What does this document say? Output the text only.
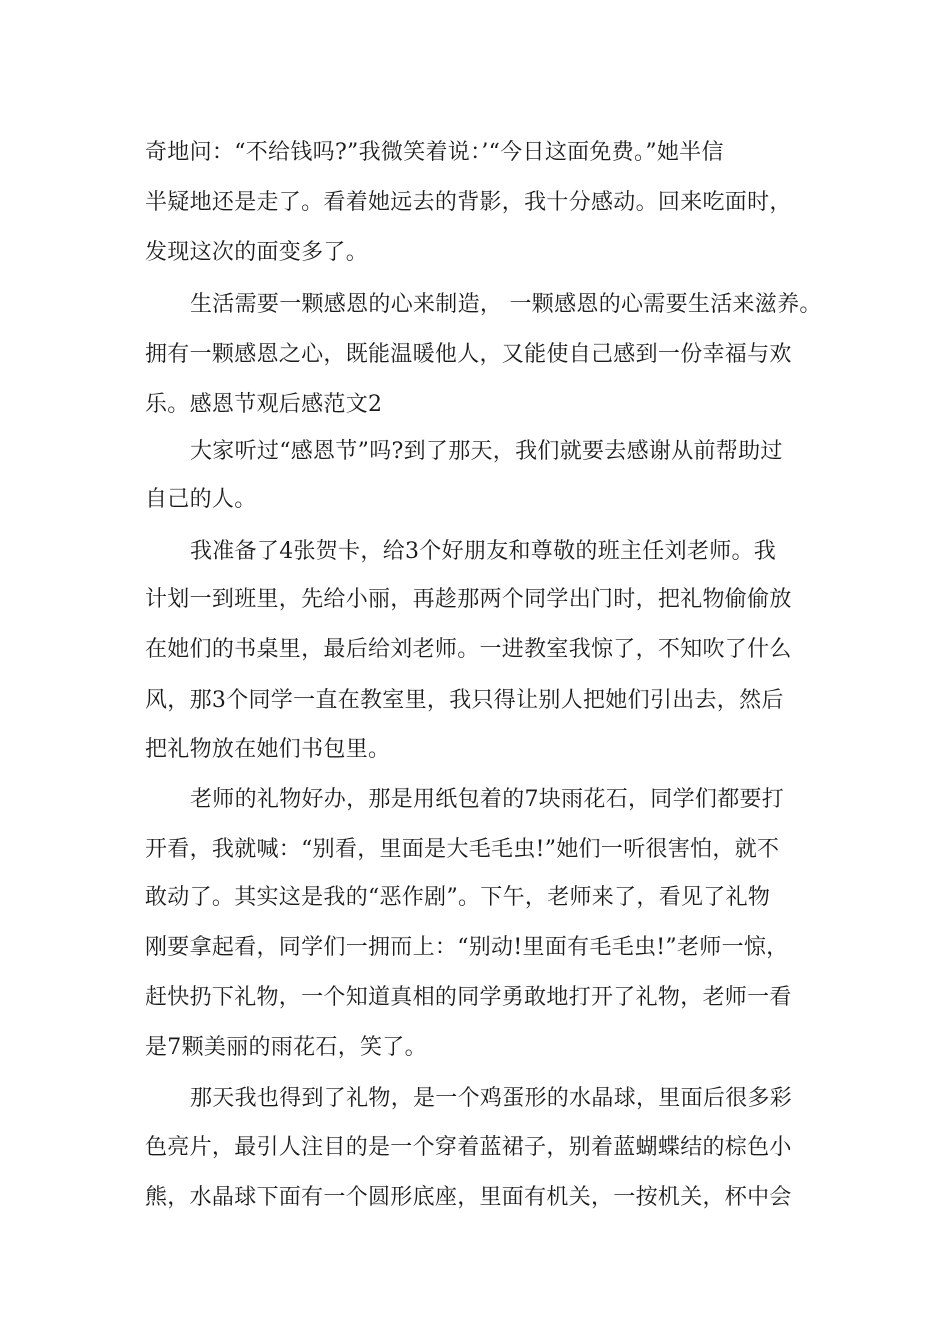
奇地问：“不给钱吗?”我微笑着说：’“今日这面免费。”她半信
半疑地还是走了。看着她远去的背影，我十分感动。回来吃面时，
发现这次的面变多了。
生活需要一颗感恩的心来制造， 一颗感恩的心需要生活来滋养。
拥有一颗感恩之心，既能温暖他人，又能使自己感到一份幸福与欢
乐。感恩节观后感范文2
大家听过“感恩节”吗?到了那天，我们就要去感谢从前帮助过
自己的人。
我准备了4张贺卡，给3个好朋友和尊敬的班主任刘老师。我
计划一到班里，先给小丽，再趁那两个同学出门时，把礼物偷偷放
在她们的书桌里，最后给刘老师。一进教室我惊了，不知吹了什么
风，那3个同学一直在教室里，我只得让别人把她们引出去，然后
把礼物放在她们书包里。
老师的礼物好办，那是用纸包着的7块雨花石，同学们都要打
开看，我就喊：“别看，里面是大毛毛虫!”她们一听很害怕，就不
敢动了。其实这是我的“恶作剧”。下午，老师来了，看见了礼物
刚要拿起看，同学们一拥而上：“别动!里面有毛毛虫!”老师一惊，
赶快扔下礼物，一个知道真相的同学勇敢地打开了礼物，老师一看
是7颗美丽的雨花石，笑了。
那天我也得到了礼物，是一个鸡蛋形的水晶球，里面后很多彩
色亮片，最引人注目的是一个穿着蓝裙子，别着蓝蝴蝶结的棕色小
熊，水晶球下面有一个圆形底座，里面有机关，一按机关，杯中会
